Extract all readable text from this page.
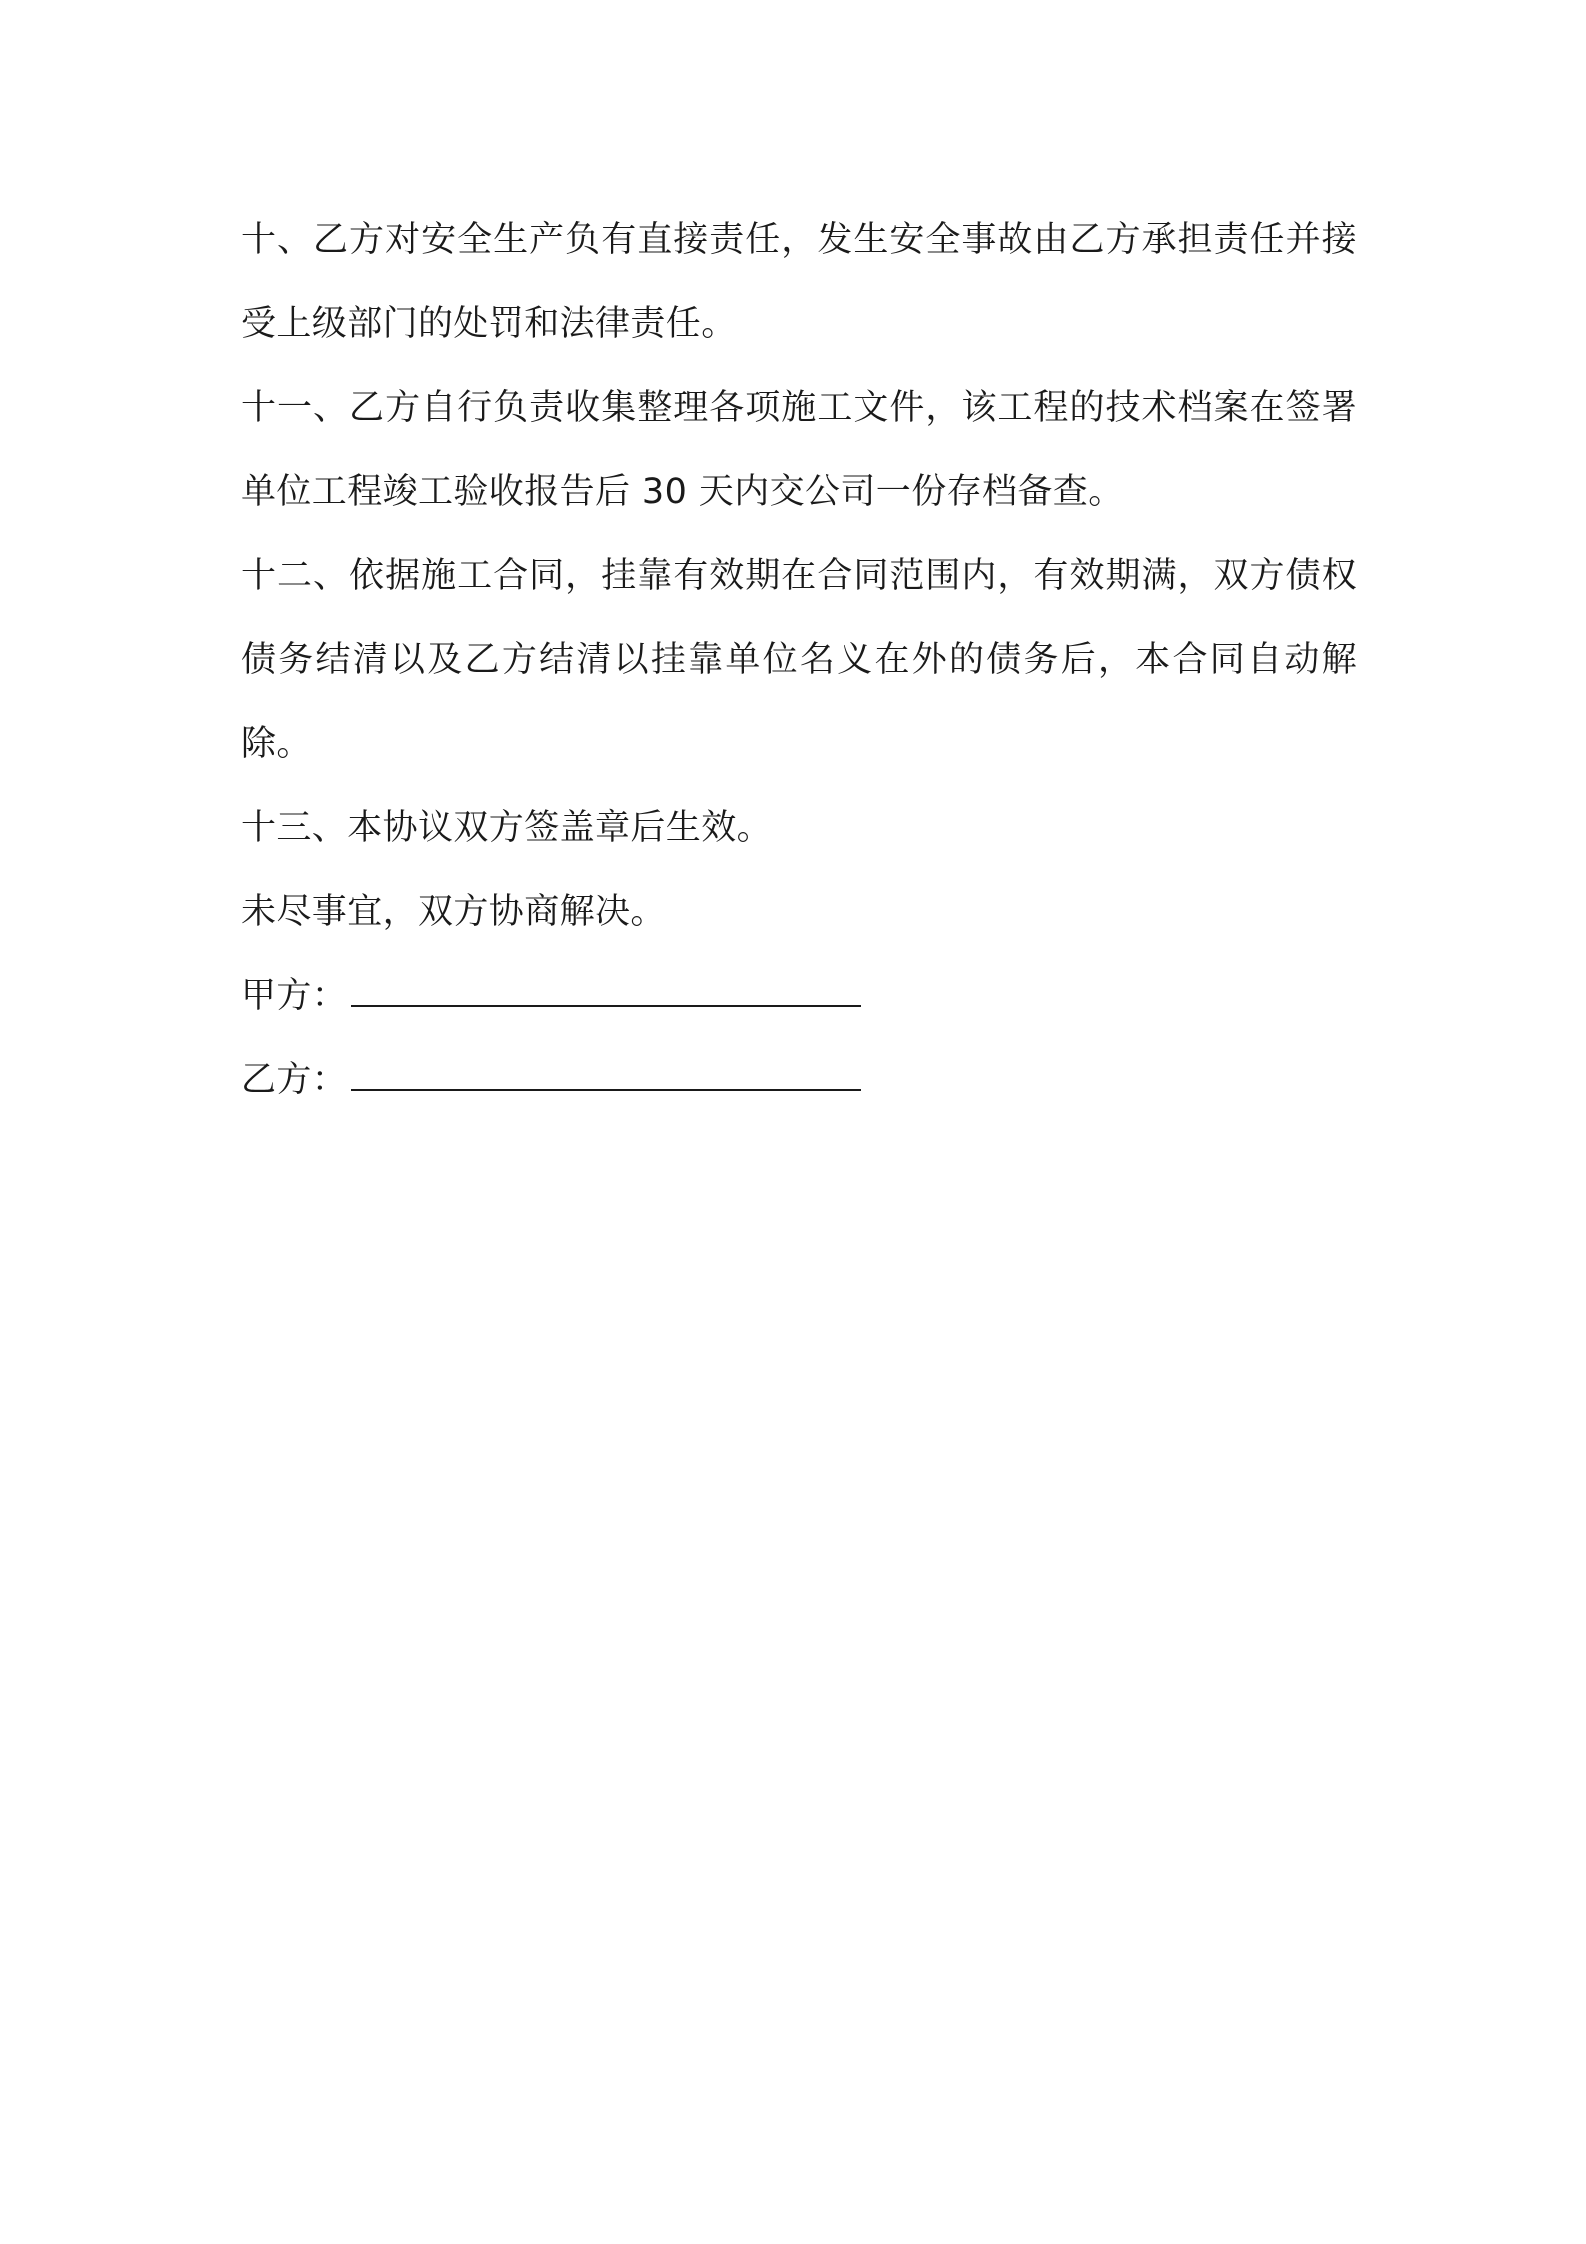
十、乙方对安全生产负有直接责任，发生安全事故由乙方承担责任并接受上级部门的处罚和法律责任。

十一、乙方自行负责收集整理各项施工文件，该工程的技术档案在签署单位工程竣工验收报告后 30 天内交公司一份存档备查。

十二、依据施工合同，挂靠有效期在合同范围内，有效期满，双方债权债务结清以及乙方结清以挂靠单位名义在外的债务后，本合同自动解除。

十三、本协议双方签盖章后生效。

未尽事宜，双方协商解决。

甲方：

乙方：
